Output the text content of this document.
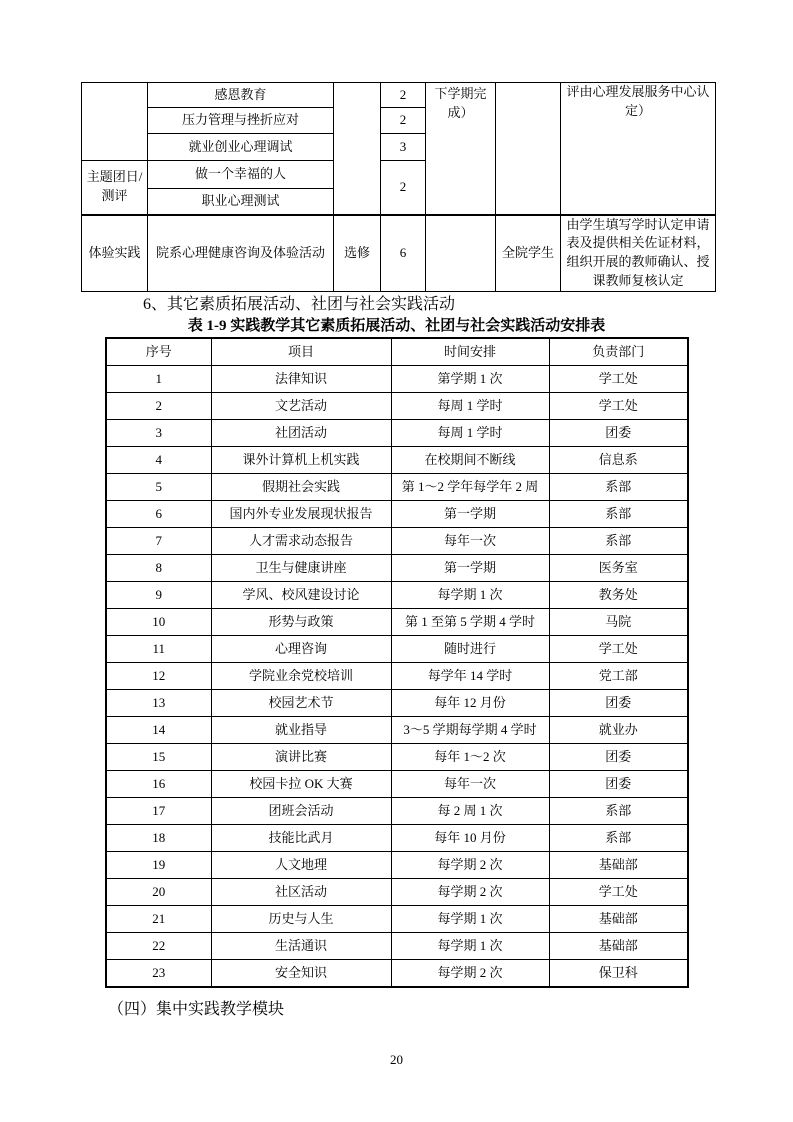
	感恩教育		2	下学期完成）		评由心理发展服务中心认定）
	压力管理与挫折应对		2			
	就业创业心理调试		3			
主题团日/测评	做一个幸福的人		2			
	职业心理测试					
体验实践	院系心理健康咨询及体验活动	选修	6		全院学生	由学生填写学时认定申请表及提供相关佐证材料，组织开展的教师确认、授课教师复核认定
6、其它素质拓展活动、社团与社会实践活动
表 1-9 实践教学其它素质拓展活动、社团与社会实践活动安排表
序号	项目	时间安排	负责部门
1	法律知识	第学期 1 次	学工处
2	文艺活动	每周 1 学时	学工处
3	社团活动	每周 1 学时	团委
4	课外计算机上机实践	在校期间不断线	信息系
5	假期社会实践	第 1～2 学年每学年 2 周	系部
6	国内外专业发展现状报告	第一学期	系部
7	人才需求动态报告	每年一次	系部
8	卫生与健康讲座	第一学期	医务室
9	学风、校风建设讨论	每学期 1 次	教务处
10	形势与政策	第 1 至第 5 学期 4 学时	马院
11	心理咨询	随时进行	学工处
12	学院业余党校培训	每学年 14 学时	党工部
13	校园艺术节	每年 12 月份	团委
14	就业指导	3～5 学期每学期 4 学时	就业办
15	演讲比赛	每年 1～2 次	团委
16	校园卡拉 OK 大赛	每年一次	团委
17	团班会活动	每 2 周 1 次	系部
18	技能比武月	每年 10 月份	系部
19	人文地理	每学期 2 次	基础部
20	社区活动	每学期 2 次	学工处
21	历史与人生	每学期 1 次	基础部
22	生活通识	每学期 1 次	基础部
23	安全知识	每学期 2 次	保卫科
（四）集中实践教学模块
20
